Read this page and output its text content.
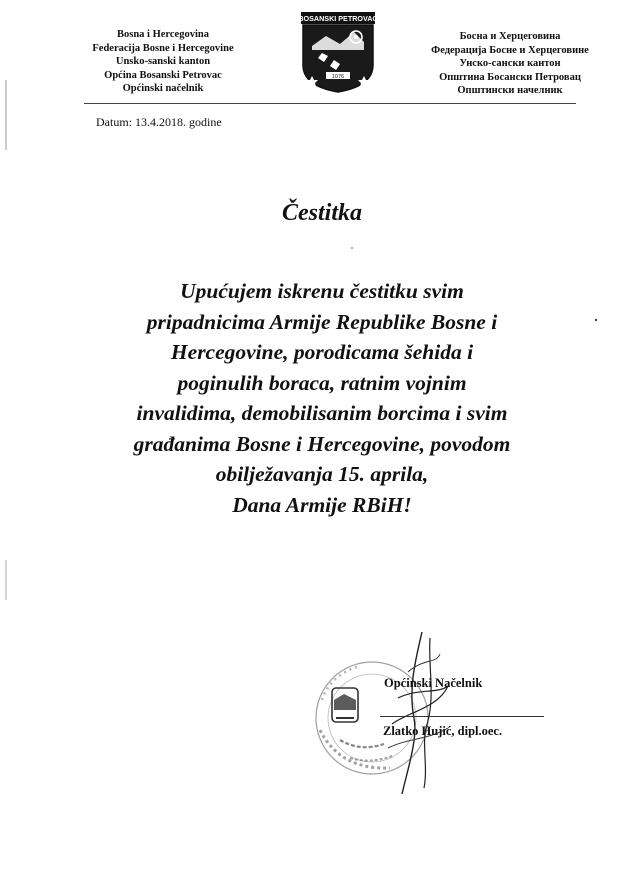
Bosna i Hercegovina
Federacija Bosne i Hercegovine
Unsko-sanski kanton
Općina Bosanski Petrovac
Općinski načelnik
BOSANSKI PETROVAC
1076
Босна и Херцеговина
Федерација Босне и Херцеговине
Унско-сански кантон
Општина Босански Петровац
Општински начелник
Datum: 13.4.2018. godine
Čestitka
Upućujem iskrenu čestitku svim
pripadnicima Armije Republike Bosne i
Hercegovine, porodicama šehida i
poginulih boraca, ratnim vojnim
invalidima, demobilisanim borcima i svim
građanima Bosne i Hercegovine, povodom
obilježavanja 15. aprila,
Dana Armije RBiH!
Općinski Načelnik
Zlatko Hujić, dipl.oec.
